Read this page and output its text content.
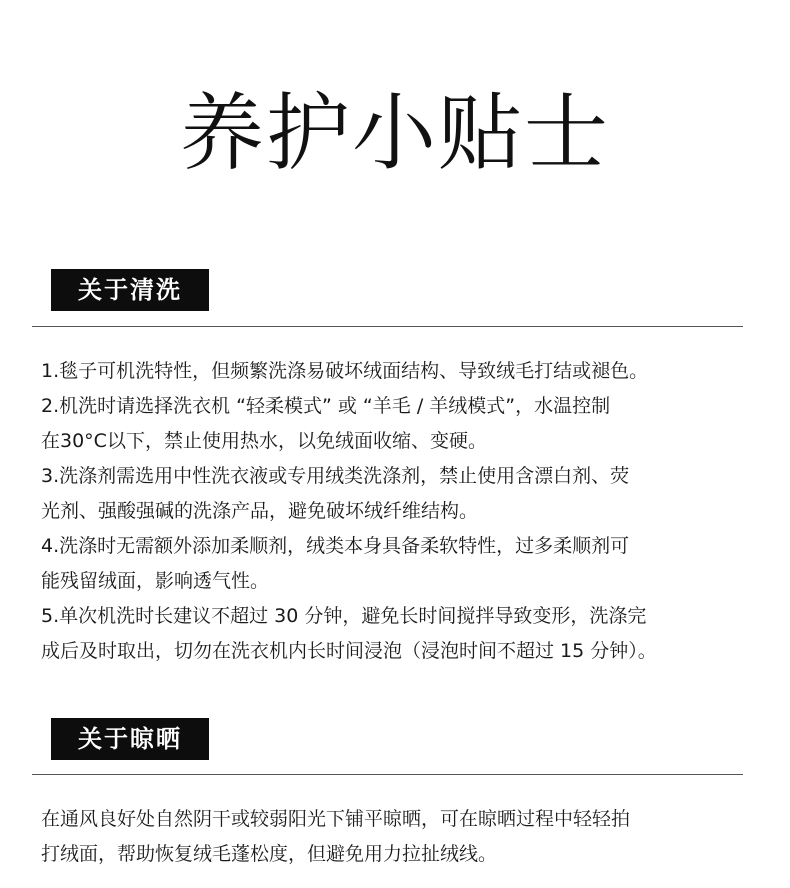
养护小贴士
关于清洗
1.毯子可机洗特性，但频繁洗涤易破坏绒面结构、导致绒毛打结或褪色。
2.机洗时请选择洗衣机 “轻柔模式” 或 “羊毛 / 羊绒模式”，水温控制
在30°C以下，禁止使用热水，以免绒面收缩、变硬。
3.洗涤剂需选用中性洗衣液或专用绒类洗涤剂，禁止使用含漂白剂、荧
光剂、强酸强碱的洗涤产品，避免破坏绒纤维结构。
4.洗涤时无需额外添加柔顺剂，绒类本身具备柔软特性，过多柔顺剂可
能残留绒面，影响透气性。
5.单次机洗时长建议不超过 30 分钟，避免长时间搅拌导致变形，洗涤完
成后及时取出，切勿在洗衣机内长时间浸泡（浸泡时间不超过 15 分钟）。
关于晾晒
在通风良好处自然阴干或较弱阳光下铺平晾晒，可在晾晒过程中轻轻拍
打绒面，帮助恢复绒毛蓬松度，但避免用力拉扯绒线。
